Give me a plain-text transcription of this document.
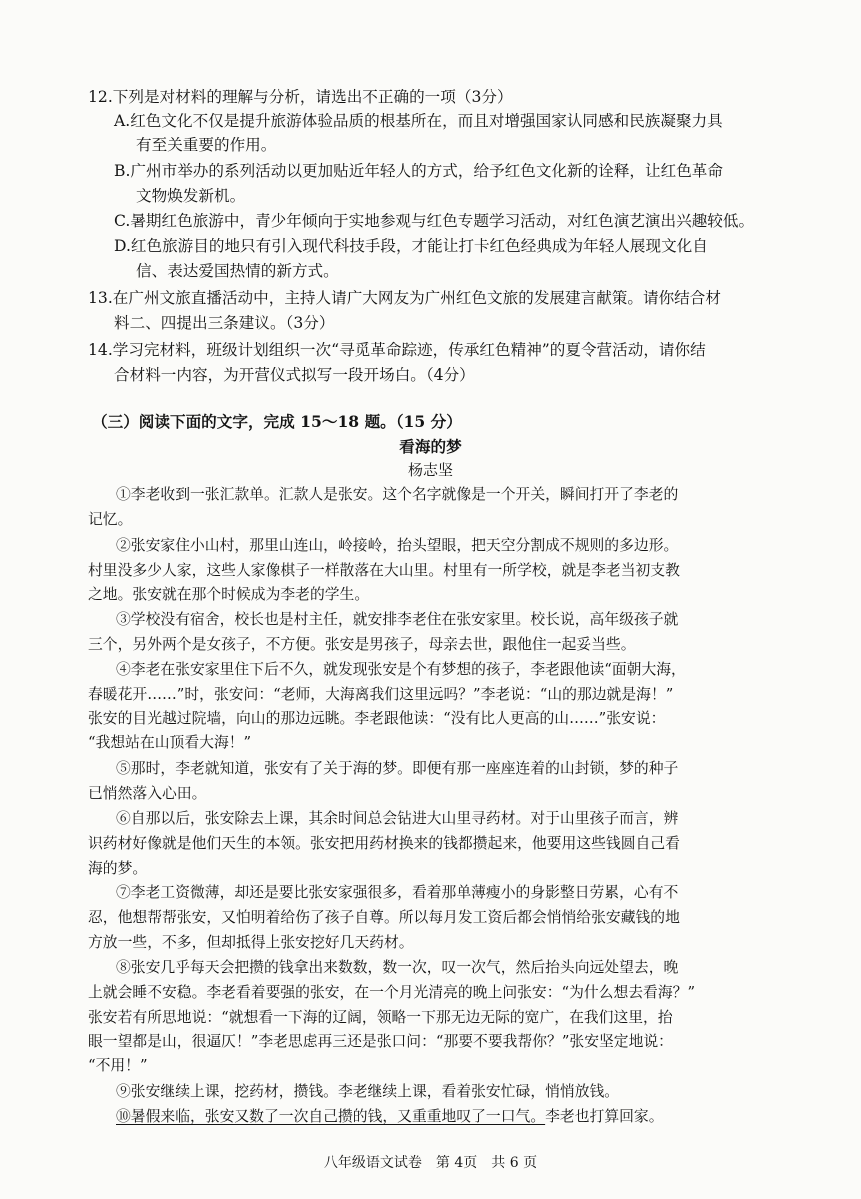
12.下列是对材料的理解与分析，请选出不正确的一项（3分）
A.红色文化不仅是提升旅游体验品质的根基所在，而且对增强国家认同感和民族凝聚力具
有至关重要的作用。
B.广州市举办的系列活动以更加贴近年轻人的方式，给予红色文化新的诠释，让红色革命
文物焕发新机。
C.暑期红色旅游中，青少年倾向于实地参观与红色专题学习活动，对红色演艺演出兴趣较低。
D.红色旅游目的地只有引入现代科技手段，才能让打卡红色经典成为年轻人展现文化自
信、表达爱国热情的新方式。
13.在广州文旅直播活动中，主持人请广大网友为广州红色文旅的发展建言献策。请你结合材
料二、四提出三条建议。（3分）
14.学习完材料，班级计划组织一次“寻觅革命踪迹，传承红色精神”的夏令营活动，请你结
合材料一内容，为开营仪式拟写一段开场白。（4分）
（三）阅读下面的文字，完成 15～18 题。（15 分）
看海的梦
杨志坚
①李老收到一张汇款单。汇款人是张安。这个名字就像是一个开关，瞬间打开了李老的
记忆。
②张安家住小山村，那里山连山，岭接岭，抬头望眼，把天空分割成不规则的多边形。
村里没多少人家，这些人家像棋子一样散落在大山里。村里有一所学校，就是李老当初支教
之地。张安就在那个时候成为李老的学生。
③学校没有宿舍，校长也是村主任，就安排李老住在张安家里。校长说，高年级孩子就
三个，另外两个是女孩子，不方便。张安是男孩子，母亲去世，跟他住一起妥当些。
④李老在张安家里住下后不久，就发现张安是个有梦想的孩子，李老跟他读“面朝大海，
春暖花开……”时，张安问：“老师，大海离我们这里远吗？”李老说：“山的那边就是海！”
张安的目光越过院墙，向山的那边远眺。李老跟他读：“没有比人更高的山……”张安说：
“我想站在山顶看大海！”
⑤那时，李老就知道，张安有了关于海的梦。即便有那一座座连着的山封锁，梦的种子
已悄然落入心田。
⑥自那以后，张安除去上课，其余时间总会钻进大山里寻药材。对于山里孩子而言，辨
识药材好像就是他们天生的本领。张安把用药材换来的钱都攒起来，他要用这些钱圆自己看
海的梦。
⑦李老工资微薄，却还是要比张安家强很多，看着那单薄瘦小的身影整日劳累，心有不
忍，他想帮帮张安，又怕明着给伤了孩子自尊。所以每月发工资后都会悄悄给张安藏钱的地
方放一些，不多，但却抵得上张安挖好几天药材。
⑧张安几乎每天会把攒的钱拿出来数数，数一次，叹一次气，然后抬头向远处望去，晚
上就会睡不安稳。李老看着要强的张安，在一个月光清亮的晚上问张安：“为什么想去看海？”
张安若有所思地说：“就想看一下海的辽阔，领略一下那无边无际的宽广，在我们这里，抬
眼一望都是山，很逼仄！”李老思虑再三还是张口问：“那要不要我帮你？”张安坚定地说：
“不用！”
⑨张安继续上课，挖药材，攒钱。李老继续上课，看着张安忙碌，悄悄放钱。
⑩暑假来临，张安又数了一次自己攒的钱，又重重地叹了一口气。李老也打算回家。
八年级语文试卷　第 4页　共 6 页
